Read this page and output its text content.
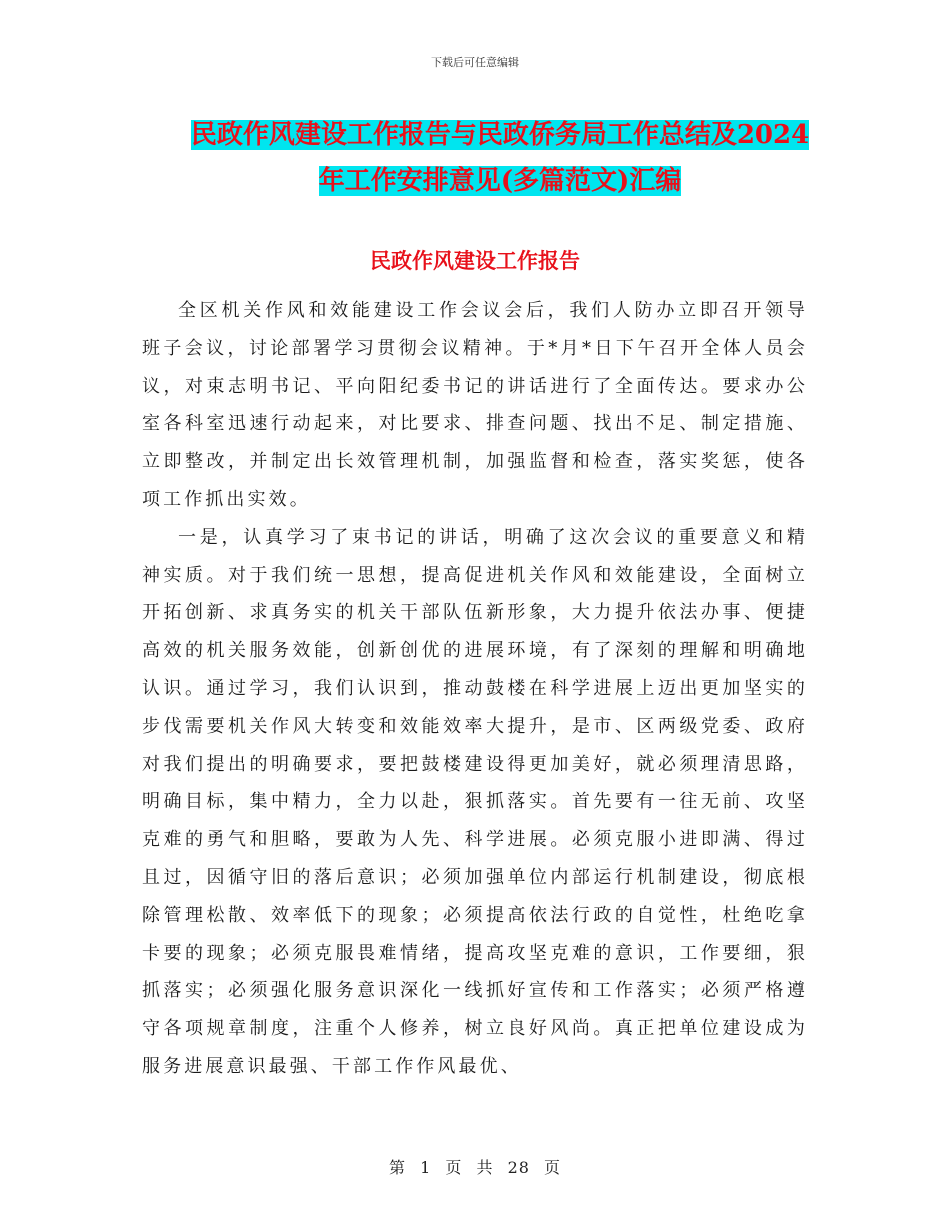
下载后可任意编辑
民政作风建设工作报告与民政侨务局工作总结及2024
年工作安排意见(多篇范文)汇编
民政作风建设工作报告

全区机关作风和效能建设工作会议会后，我们人防办立即召开领导班子会议，讨论部署学习贯彻会议精神。于*月*日下午召开全体人员会议，对束志明书记、平向阳纪委书记的讲话进行了全面传达。要求办公室各科室迅速行动起来，对比要求、排查问题、找出不足、制定措施、立即整改，并制定出长效管理机制，加强监督和检查，落实奖惩，使各项工作抓出实效。

一是，认真学习了束书记的讲话，明确了这次会议的重要意义和精神实质。对于我们统一思想，提高促进机关作风和效能建设，全面树立开拓创新、求真务实的机关干部队伍新形象，大力提升依法办事、便捷高效的机关服务效能，创新创优的进展环境，有了深刻的理解和明确地认识。通过学习，我们认识到，推动鼓楼在科学进展上迈出更加坚实的步伐需要机关作风大转变和效能效率大提升，是市、区两级党委、政府对我们提出的明确要求，要把鼓楼建设得更加美好，就必须理清思路，明确目标，集中精力，全力以赴，狠抓落实。首先要有一往无前、攻坚克难的勇气和胆略，要敢为人先、科学进展。必须克服小进即满、得过且过，因循守旧的落后意识；必须加强单位内部运行机制建设，彻底根除管理松散、效率低下的现象；必须提高依法行政的自觉性，杜绝吃拿卡要的现象；必须克服畏难情绪，提高攻坚克难的意识，工作要细，狠抓落实；必须强化服务意识深化一线抓好宣传和工作落实；必须严格遵守各项规章制度，注重个人修养，树立良好风尚。真正把单位建设成为服务进展意识最强、干部工作作风最优、

第 1 页 共 28 页
